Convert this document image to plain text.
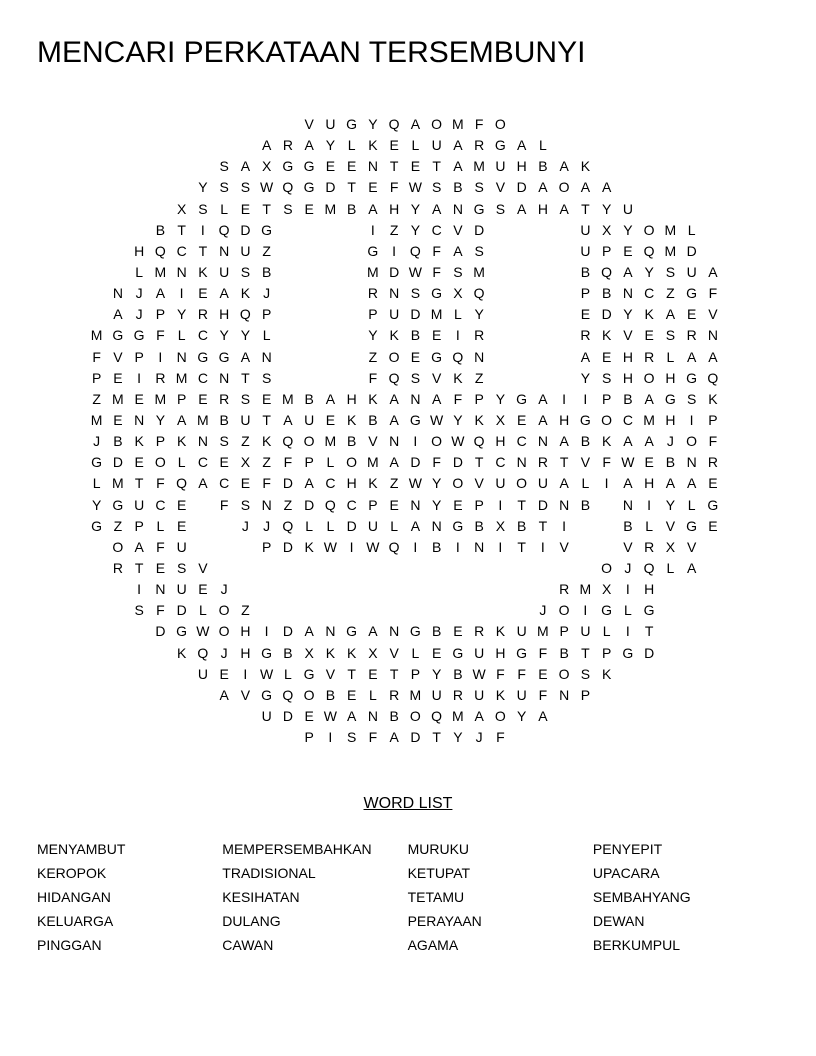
MENCARI PERKATAAN TERSEMBUNYI
V U G Y Q A O M F O
A R A Y L K E L U A R G A L
S A X G G E E N T E T A M U H B A K
Y S S W Q G D T E F W S B S V D A O A A
X S L E T S E M B A H Y A N G S A H A T Y U
B T I Q D G	I Z Y C V D	U X Y O M L
H Q C T N U Z	G I Q F A S	U P E Q M D
L M N K U S B	M D W F S M	B Q A Y S U A
N J A I E A K J	R N S G X Q	P B N C Z G F
A J P Y R H Q P	P U D M L Y	E D Y K A E V
M G G F L C Y Y L	Y K B E I R	R K V E S R N
F V P I N G G A N	Z O E G Q N	A E H R L A A
P E I R M C N T S	F Q S V K Z	Y S H O H G Q
Z M E M P E R S E M B A H K A N A F P Y G A I I P B A G S K
M E N Y A M B U T A U E K B A G W Y K X E A H G O C M H I P
J B K P K N S Z K Q O M B V N I O W Q H C N A B K A A J O F
G D E O L C E X Z F P L O M A D F D T C N R T V F W E B N R
L M T F Q A C E F D A C H K Z W Y O V U O U A L I A H A A E
Y G U C E F S N Z D Q C P E N Y E P I T D N B N I Y L G
G Z P L E	J J Q L L D U L A N G B X B T I	B L V G E
O A F U	P D K W I W Q I B I N I T I V	V R X V
R T E S V	O J Q L A
I N U E J	R M X I H
S F D L O Z	J O I G L G
D G W O H I D A N G A N G B E R K U M P U L I T
K Q J H G B X K K X V L E G U H G F B T P G D
U E I W L G V T E T P Y B W F F E O S K
A V G Q O B E L R M U R U K U F N P
U D E W A N B O Q M A O Y A
P I S F A D T Y J F
WORD LIST
MENYAMBUT	MEMPERSEMBAHKAN	MURUKU	PENYEPIT
KEROPOK	TRADISIONAL	KETUPAT	UPACARA
HIDANGAN	KESIHATAN	TETAMU	SEMBAHYANG
KELUARGA	DULANG	PERAYAAN	DEWAN
PINGGAN	CAWAN	AGAMA	BERKUMPUL
